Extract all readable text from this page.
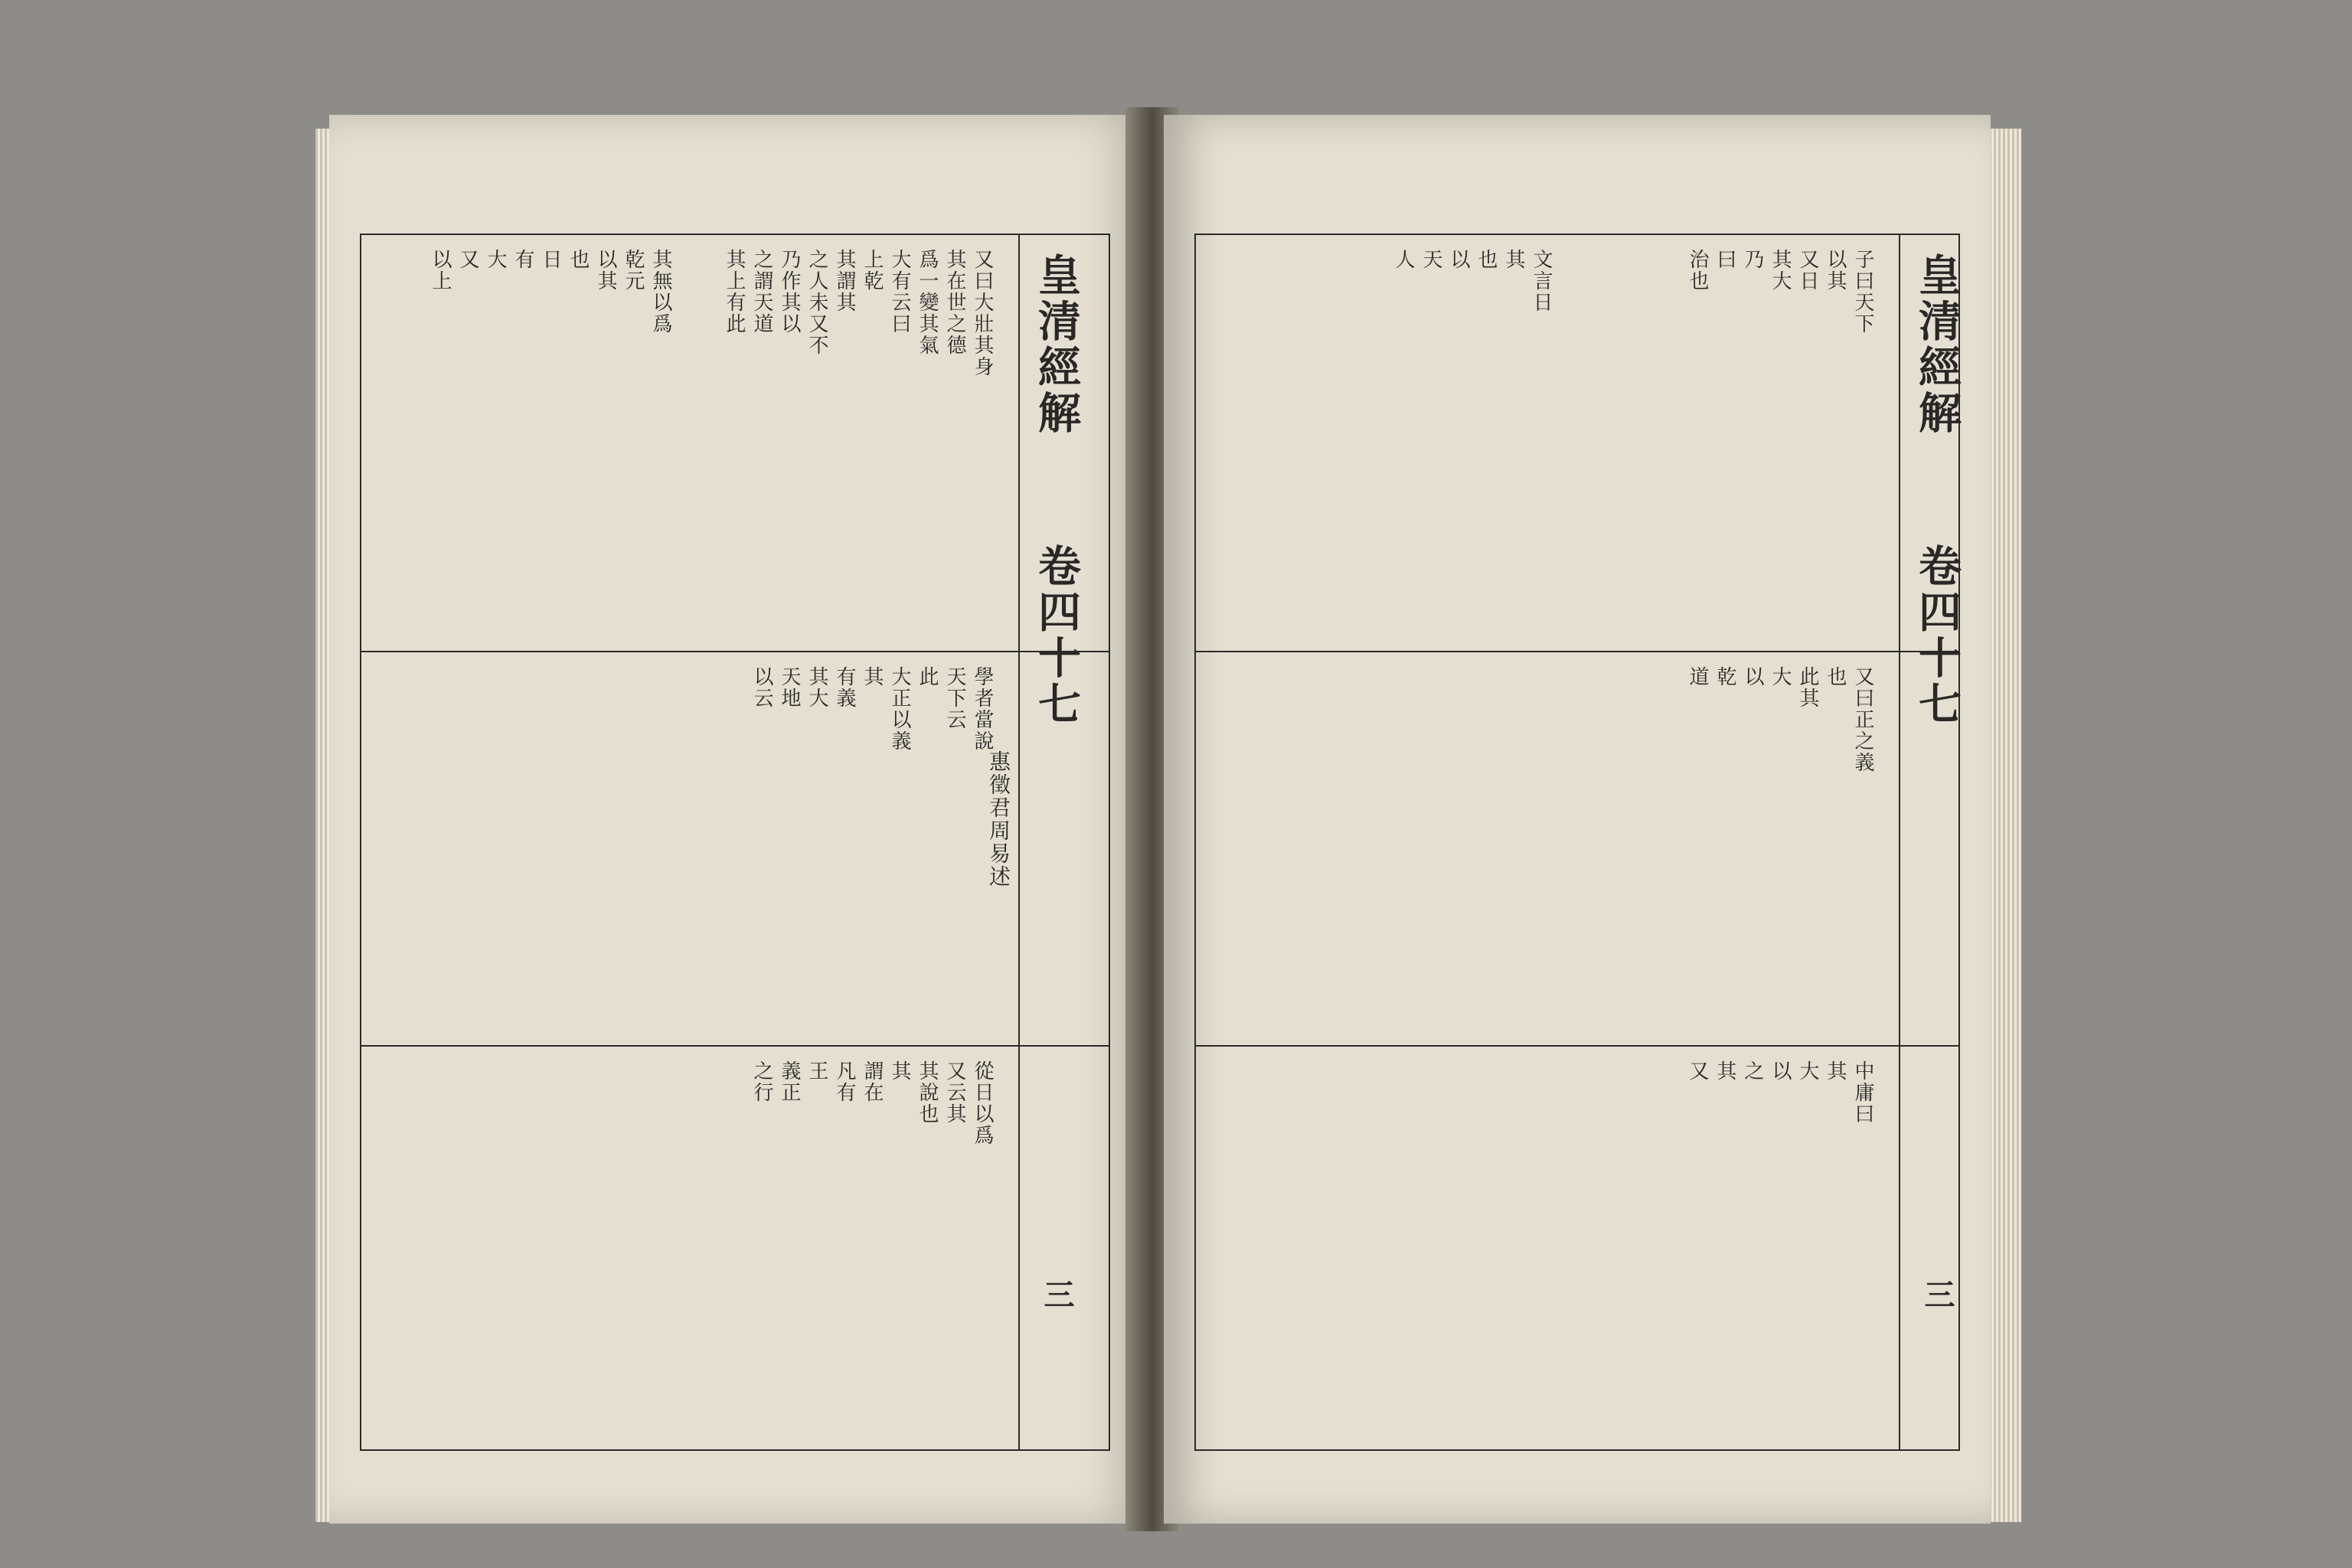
皇清經解
卷四十七
三
惠徵君周易述
又曰大壯其身
其在世之德
爲一變其氣
大有云曰
上乾
其謂其
之人未又不
乃作其以
之謂天道
其上有此
學者當說
天下云
此
大正以義
其
有義
其大
天地
以云
從日以爲
又云其
其說也
其
謂在
凡有
王
義正
之行
其無以爲
乾元
以其
也
日
有
大
又
以上	皇清經解
卷四十七
三
子曰天下
以其
又日
其大
乃
曰
治也
又曰正之義
也
此其
大
以
乾
道
中庸曰
其
大
以
之
其
又
文言日
其
也
以
天
人
